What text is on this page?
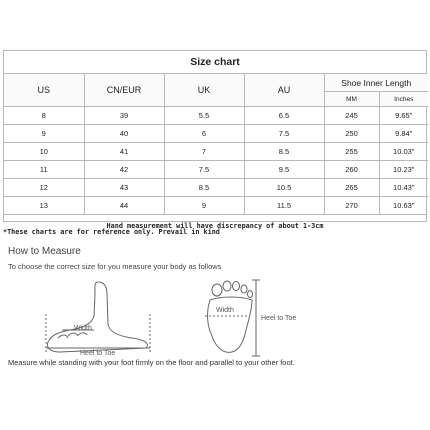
Size chart
US	CN/EUR	UK	AU	Shoe Inner Length	
				MM	Inches
8	39	5.5	6.5	245	9.65"
9	40	6	7.5	250	9.84"
10	41	7	8.5	255	10.03"
11	42	7.5	9.5	260	10.23"
12	43	8.5	10.5	265	10.43"
13	44	9	11.5	270	10.63"
Hand measurement will have discrepancy of about 1-3cm
*These charts are for reference only. Prevail in kind
How to Measure
To choose the correct size for you measure your body as follows
Width
Heel to Toe
Width
Heel to Toe
Measure while standing with your foot firmly on the floor and parallel to your other foot.
